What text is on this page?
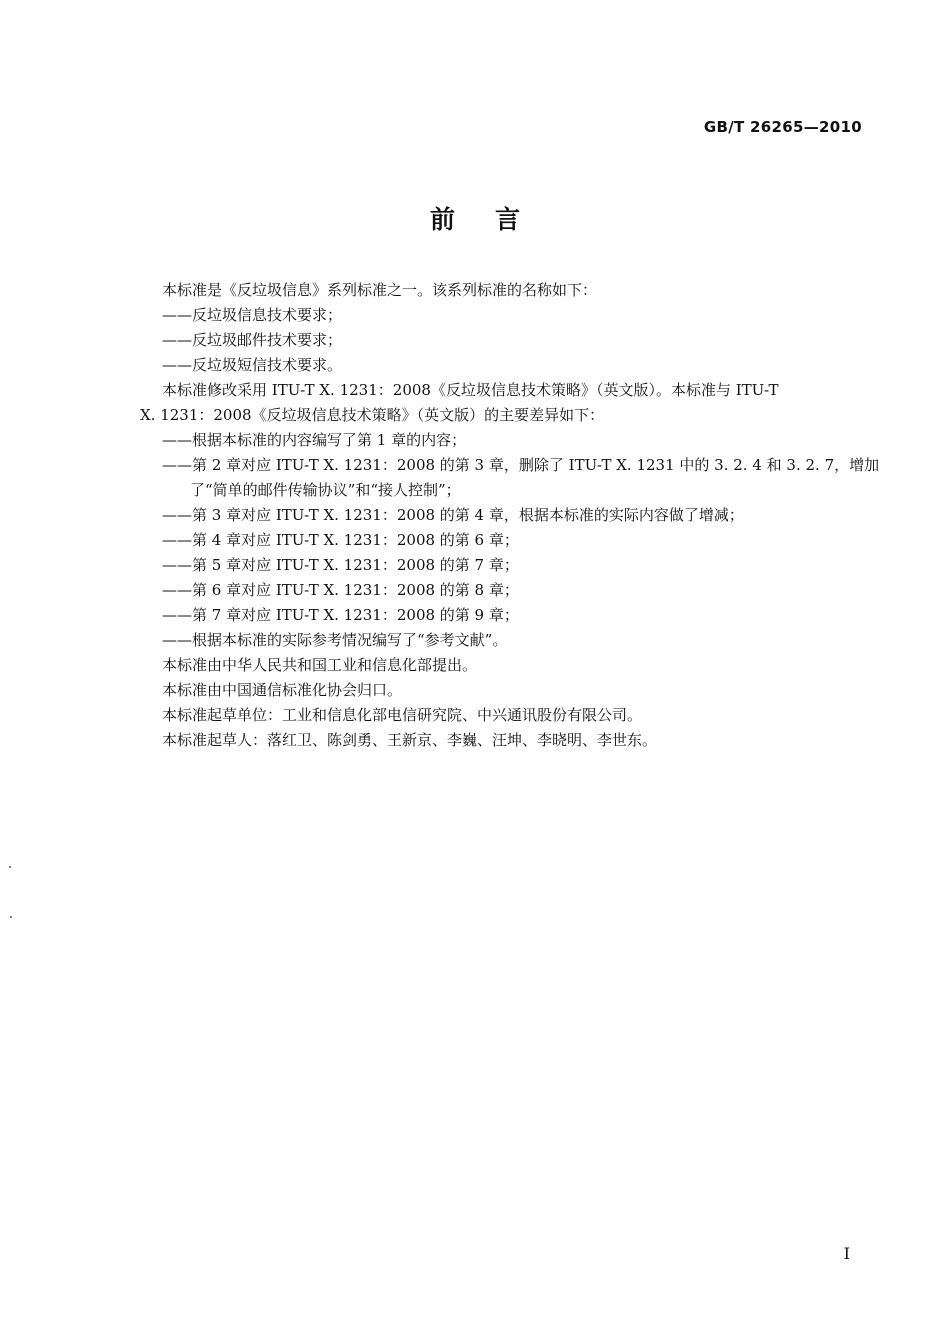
GB/T 26265—2010
前言
本标准是《反垃圾信息》系列标准之一。该系列标准的名称如下：
——反垃圾信息技术要求；
——反垃圾邮件技术要求；
——反垃圾短信技术要求。
本标准修改采用 ITU-T X. 1231：2008《反垃圾信息技术策略》（英文版）。本标准与 ITU-T
X. 1231：2008《反垃圾信息技术策略》（英文版）的主要差异如下：
——根据本标准的内容编写了第 1 章的内容；
——第 2 章对应 ITU-T X. 1231：2008 的第 3 章，删除了 ITU-T X. 1231 中的 3. 2. 4 和 3. 2. 7，增加
了“简单的邮件传输协议”和“接人控制”；
——第 3 章对应 ITU-T X. 1231：2008 的第 4 章，根据本标准的实际内容做了增减；
——第 4 章对应 ITU-T X. 1231：2008 的第 6 章；
——第 5 章对应 ITU-T X. 1231：2008 的第 7 章；
——第 6 章对应 ITU-T X. 1231：2008 的第 8 章；
——第 7 章对应 ITU-T X. 1231：2008 的第 9 章；
——根据本标准的实际参考情况编写了“参考文献”。
本标准由中华人民共和国工业和信息化部提出。
本标准由中国通信标准化协会归口。
本标准起草单位：工业和信息化部电信研究院、中兴通讯股份有限公司。
本标准起草人：落红卫、陈剑勇、王新京、李巍、汪坤、李晓明、李世东。
I
